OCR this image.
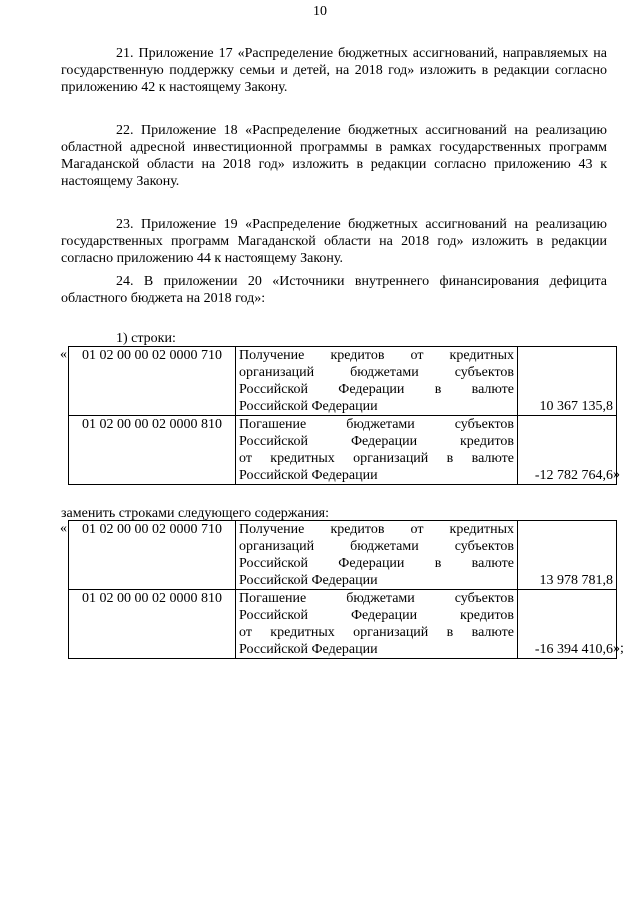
10

21. Приложение 17 «Распределение бюджетных ассигнований, направляемых на государственную поддержку семьи и детей, на 2018 год» изложить в редакции согласно приложению 42 к настоящему Закону.

22. Приложение 18 «Распределение бюджетных ассигнований на реализацию областной адресной инвестиционной программы в рамках государственных программ Магаданской области на 2018 год» изложить в редакции согласно приложению 43 к настоящему Закону.

23. Приложение 19 «Распределение бюджетных ассигнований на реализацию государственных программ Магаданской области на 2018 год» изложить в редакции согласно приложению 44 к настоящему Закону.

24. В приложении 20 «Источники внутреннего финансирования дефицита областного бюджета на 2018 год»:

1) строки:

« 01 02 00 00 02 0000 710	Получение кредитов от кредитных
организаций бюджетами субъектов
Российской Федерации в валюте
Российской Федерации	10 367 135,8
01 02 00 00 02 0000 810	Погашение бюджетами субъектов
Российской Федерации кредитов
от кредитных организаций в валюте
Российской Федерации	-12 782 764,6 »

заменить строками следующего содержания:

« 01 02 00 00 02 0000 710	Получение кредитов от кредитных
организаций бюджетами субъектов
Российской Федерации в валюте
Российской Федерации	13 978 781,8
01 02 00 00 02 0000 810	Погашение бюджетами субъектов
Российской Федерации кредитов
от кредитных организаций в валюте
Российской Федерации	-16 394 410,6 »;
